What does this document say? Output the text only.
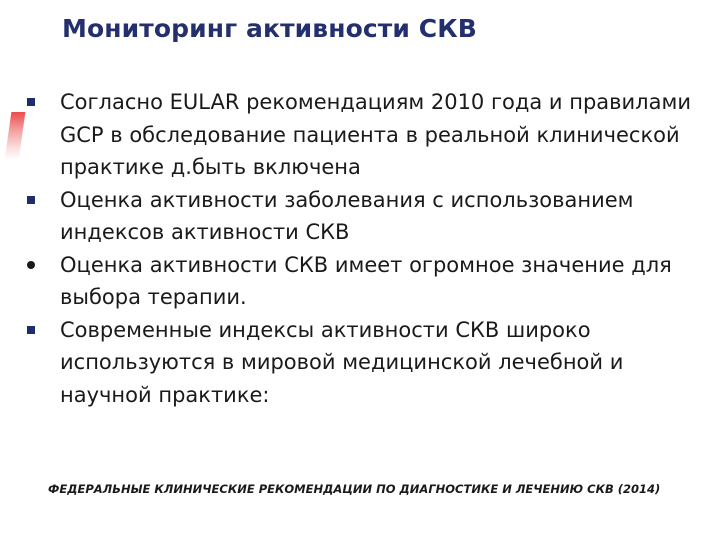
Мониторинг активности СКВ
Согласно EULAR рекомендациям 2010 года и правилами GCP в обследование пациента в реальной клинической практике д.быть включена
Оценка активности заболевания с использованием индексов активности СКВ
Оценка активности СКВ имеет огромное значение для выбора терапии.
Современные индексы активности СКВ широко используются в мировой медицинской лечебной и научной практике:
ФЕДЕРАЛЬНЫЕ КЛИНИЧЕСКИЕ РЕКОМЕНДАЦИИ ПО ДИАГНОСТИКЕ И ЛЕЧЕНИЮ СКВ (2014)
